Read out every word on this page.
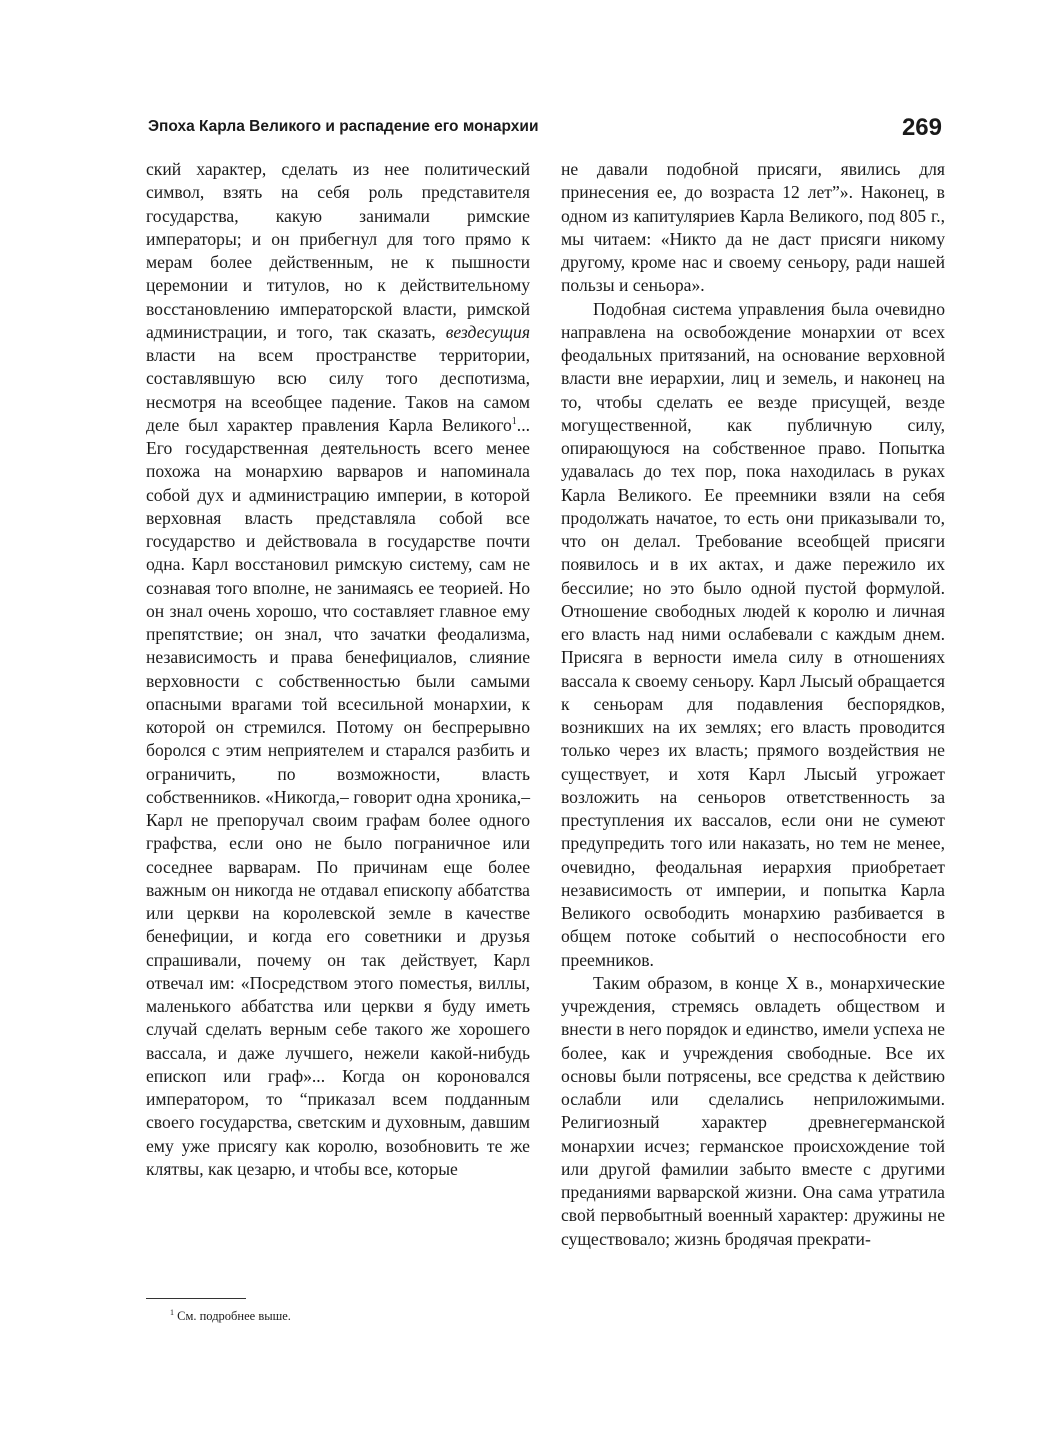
Эпоха Карла Великого и распадение его монархии	269

ский характер, сделать из нее политический символ, взять на себя роль представителя государства, какую занимали римские императоры; и он прибегнул для того прямо к мерам более действенным, не к пышности церемонии и титулов, но к действительному восстановлению императорской власти, римской администрации, и того, так сказать, вездесущия власти на всем пространстве территории, составлявшую всю силу того деспотизма, несмотря на всеобщее падение. Таков на самом деле был характер правления Карла Великого$^1$... Его государственная деятельность всего менее похожа на монархию варваров и напоминала собой дух и администрацию империи, в которой верховная власть представляла собой все государство и действовала в государстве почти одна. Карл восстановил римскую систему, сам не сознавая того вполне, не занимаясь ее теорией. Но он знал очень хорошо, что составляет главное ему препятствие; он знал, что зачатки феодализма, независимость и права бенефициалов, слияние верховности с собственностью были самыми опасными врагами той всесильной монархии, к которой он стремился. Потому он беспрерывно боролся с этим неприятелем и старался разбить и ограничить, по возможности, власть собственников. «Никогда,– говорит одна хроника,– Карл не препоручал своим графам более одного графства, если оно не было пограничное или соседнее варварам. По причинам еще более важным он никогда не отдавал епископу аббатства или церкви на королевской земле в качестве бенефиции, и когда его советники и друзья спрашивали, почему он так действует, Карл отвечал им: «Посредством этого поместья, виллы, маленького аббатства или церкви я буду иметь случай сделать верным себе такого же хорошего вассала, и даже лучшего, нежели какой-нибудь епископ или граф»... Когда он короновался императором, то “приказал всем подданным своего государства, светским и духовным, давшим ему уже присягу как королю, возобновить те же клятвы, как цезарю, и чтобы все, которые

не давали подобной присяги, явились для принесения ее, до возраста 12 лет”». Наконец, в одном из капитуляриев Карла Великого, под 805 г., мы читаем: «Никто да не даст присяги никому другому, кроме нас и своему сеньору, ради нашей пользы и сеньора».

Подобная система управления была очевидно направлена на освобождение монархии от всех феодальных притязаний, на основание верховной власти вне иерархии, лиц и земель, и наконец на то, чтобы сделать ее везде присущей, везде могущественной, как публичную силу, опирающуюся на собственное право. Попытка удавалась до тех пор, пока находилась в руках Карла Великого. Ее преемники взяли на себя продолжать начатое, то есть они приказывали то, что он делал. Требование всеобщей присяги появилось и в их актах, и даже пережило их бессилие; но это было одной пустой формулой. Отношение свободных людей к королю и личная его власть над ними ослабевали с каждым днем. Присяга в верности имела силу в отношениях вассала к своему сеньору. Карл Лысый обращается к сеньорам для подавления беспорядков, возникших на их землях; его власть проводится только через их власть; прямого воздействия не существует, и хотя Карл Лысый угрожает возложить на сеньоров ответственность за преступления их вассалов, если они не сумеют предупредить того или наказать, но тем не менее, очевидно, феодальная иерархия приобретает независимость от империи, и попытка Карла Великого освободить монархию разбивается в общем потоке событий о неспособности его преемников.

Таким образом, в конце X в., монархические учреждения, стремясь овладеть обществом и внести в него порядок и единство, имели успеха не более, как и учреждения свободные. Все их основы были потрясены, все средства к действию ослабли или сделались неприложимыми. Религиозный характер древнегерманской монархии исчез; германское происхождение той или другой фамилии забыто вместе с другими преданиями варварской жизни. Она сама утратила свой первобытный военный характер: дружины не существовало; жизнь бродячая прекрати-

$^1$ См. подробнее выше.
